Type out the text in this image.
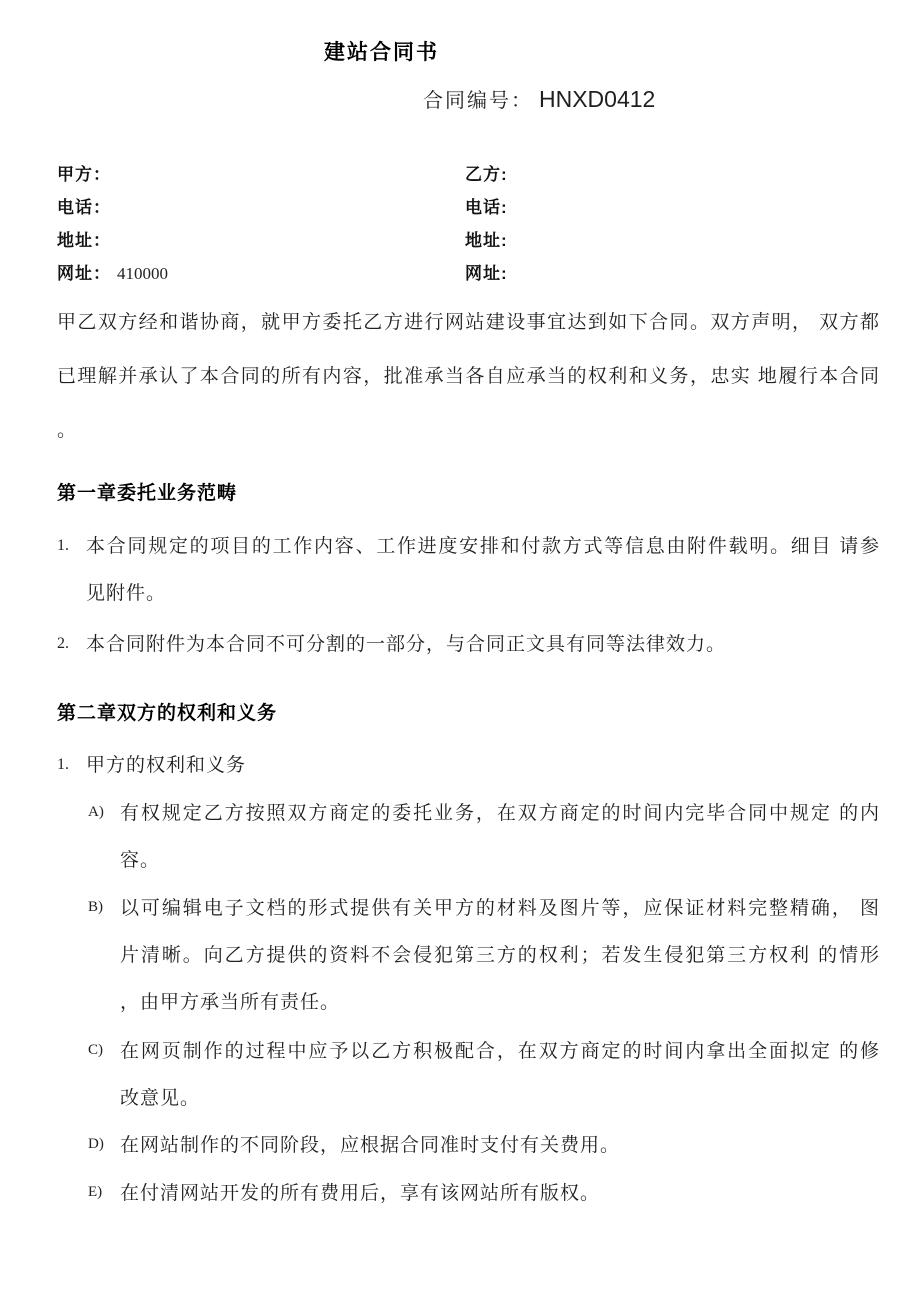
建站合同书
合同编号： HNXD0412
甲方：
电话：
地址：
网址： 410000
乙方:
电话:
地址:
网址:
甲乙双方经和谐协商，就甲方委托乙方进行网站建设事宜达到如下合同。双方声明， 双方都
已理解并承认了本合同的所有内容，批准承当各自应承当的权利和义务，忠实 地履行本合同
。
第一章委托业务范畴
1. 本合同规定的项目的工作内容、工作进度安排和付款方式等信息由附件载明。细目 请参
见附件。
2. 本合同附件为本合同不可分割的一部分，与合同正文具有同等法律效力。
第二章双方的权利和义务
1. 甲方的权利和义务
A) 有权规定乙方按照双方商定的委托业务，在双方商定的时间内完毕合同中规定 的内
容。
B) 以可编辑电子文档的形式提供有关甲方的材料及图片等，应保证材料完整精确， 图
片清晰。向乙方提供的资料不会侵犯第三方的权利；若发生侵犯第三方权利 的情形
，由甲方承当所有责任。
C) 在网页制作的过程中应予以乙方积极配合，在双方商定的时间内拿出全面拟定 的修
改意见。
D) 在网站制作的不同阶段，应根据合同准时支付有关费用。
E) 在付清网站开发的所有费用后，享有该网站所有版权。
